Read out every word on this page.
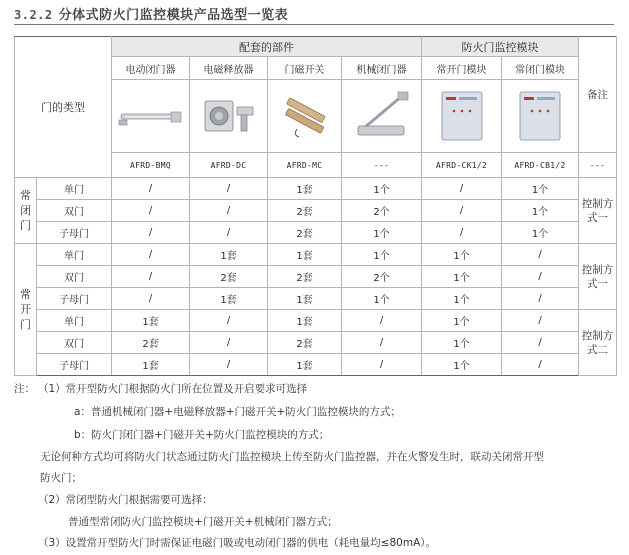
3.2.2 分体式防火门监控模块产品选型一览表
门的类型		配套的部件				防火门监控模块		备注
		电动闭门器	电磁释放器	门磁开关	机械闭门器	常开门模块	常闭门模块	

		AFRD-BMQ	AFRD-DC	AFRD-MC	---	AFRD-CK1/2	AFRD-CB1/2	---
常闭门	单门	/	/	1套	1个	/	1个	控制方式一
	双门	/	/	2套	2个	/	1个	
	子母门	/	/	2套	1个	/	1个	
常开门	单门	/	1套	1套	1个	1个	/	控制方式一
	双门	/	2套	2套	2个	1个	/	
	子母门	/	1套	1套	1个	1个	/	
	单门	1套	/	1套	/	1个	/	控制方式二
	双门	2套	/	2套	/	1个	/	
	子母门	1套	/	1套	/	1个	/	
注： （1）常开型防火门根据防火门所在位置及开启要求可选择
a：普通机械闭门器+电磁释放器+门磁开关+防火门监控模块的方式；
b：防火门闭门器+门磁开关+防火门监控模块的方式；
无论何种方式均可将防火门状态通过防火门监控模块上传至防火门监控器，并在火警发生时，联动关闭常开型
防火门；
（2）常闭型防火门根据需要可选择：
普通型常闭防火门监控模块+门磁开关+机械闭门器方式；
（3）设置常开型防火门时需保证电磁门吸或电动闭门器的供电（耗电量均≤80mA）。
